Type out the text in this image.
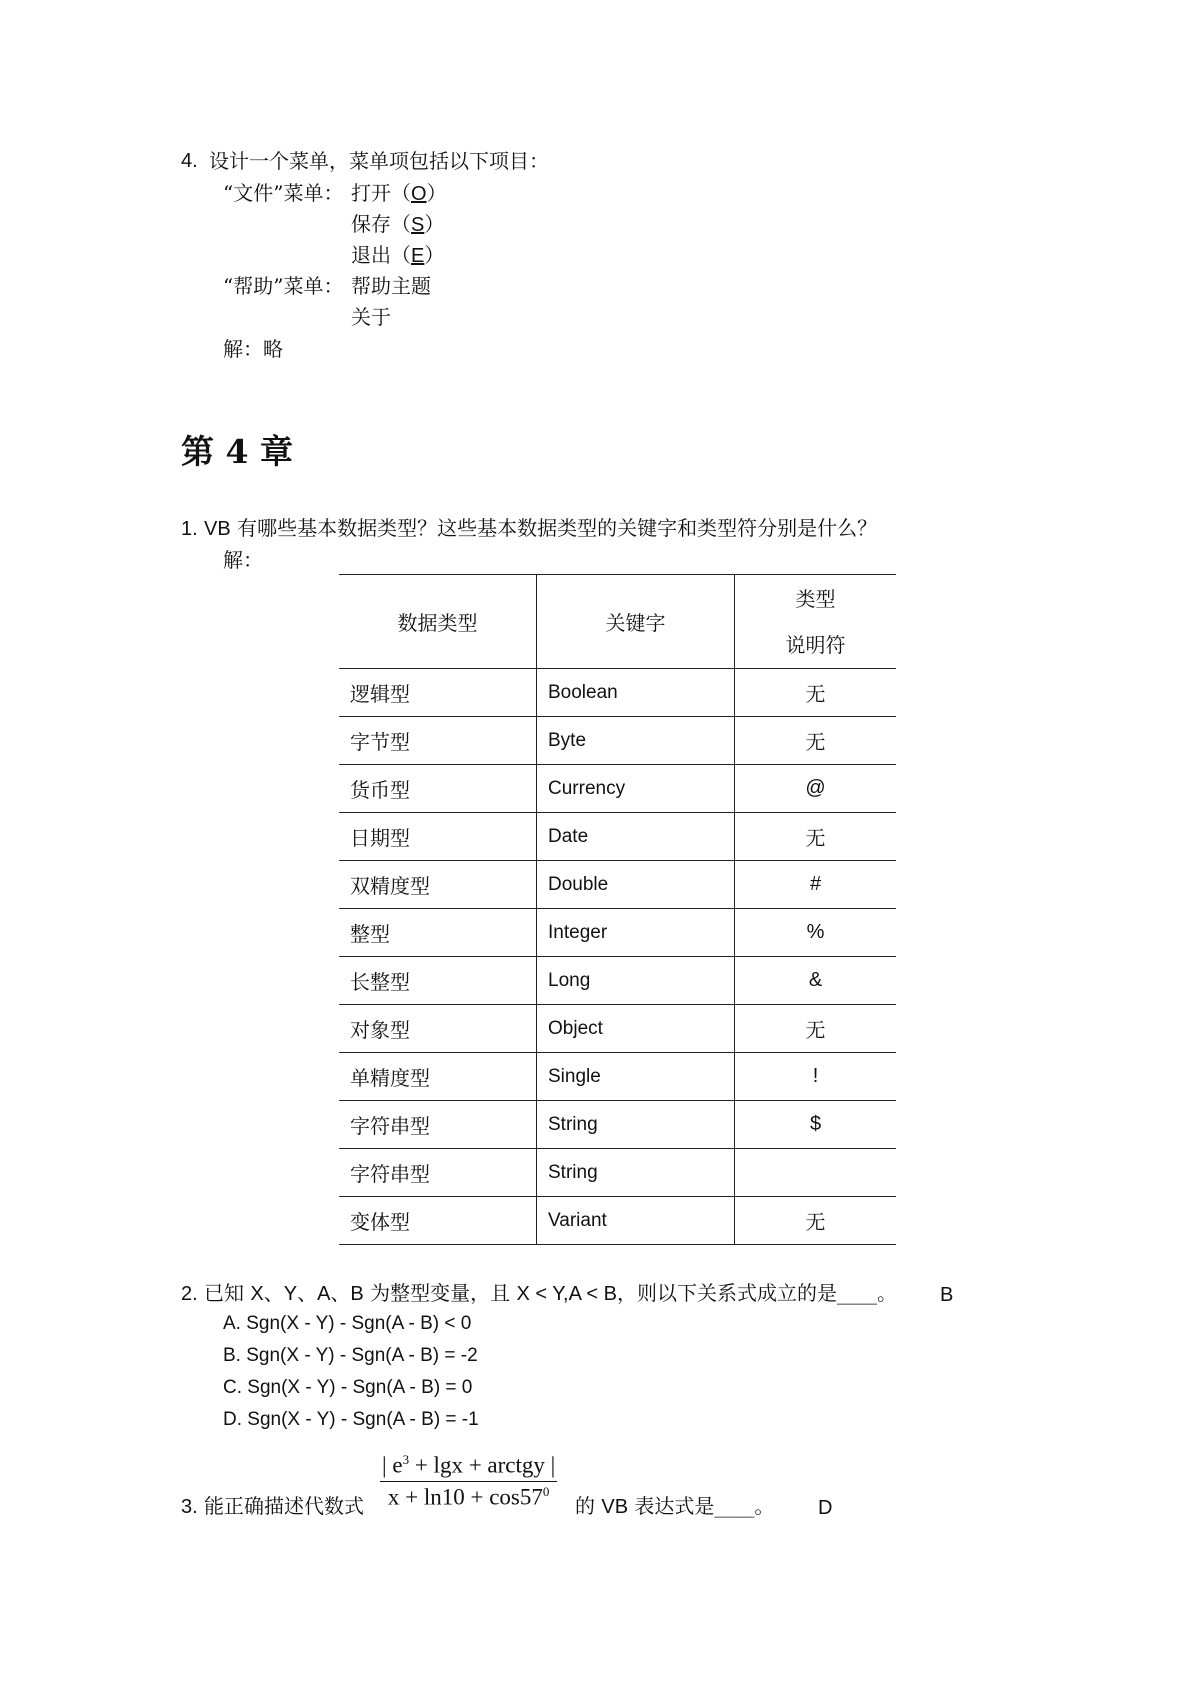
4. 设计一个菜单，菜单项包括以下项目：
“文件”菜单： 打开（O）
保存（S）
退出（E）
“帮助”菜单： 帮助主题
关于
解：略
第 4 章
1. VB 有哪些基本数据类型？这些基本数据类型的关键字和类型符分别是什么？
解：
数据类型	关键字	类型
说明符

逻辑型	Boolean	无
字节型	Byte	无
货币型	Currency	@
日期型	Date	无
双精度型	Double	#
整型	Integer	%
长整型	Long	&
对象型	Object	无
单精度型	Single	!
字符串型	String	$
字符串型	String	
变体型	Variant	无
2. 已知 X、Y、A、B 为整型变量，且 X < Y,A < B，则以下关系式成立的是____。 B
A. Sgn(X - Y) - Sgn(A - B) < 0
B. Sgn(X - Y) - Sgn(A - B) = -2
C. Sgn(X - Y) - Sgn(A - B) = 0
D. Sgn(X - Y) - Sgn(A - B) = -1
3. 能正确描述代数式
| $e^3 + \lg x$ + arctgy |
$x + \ln 10 + \cos 57^0$
的 VB 表达式是____。 D
